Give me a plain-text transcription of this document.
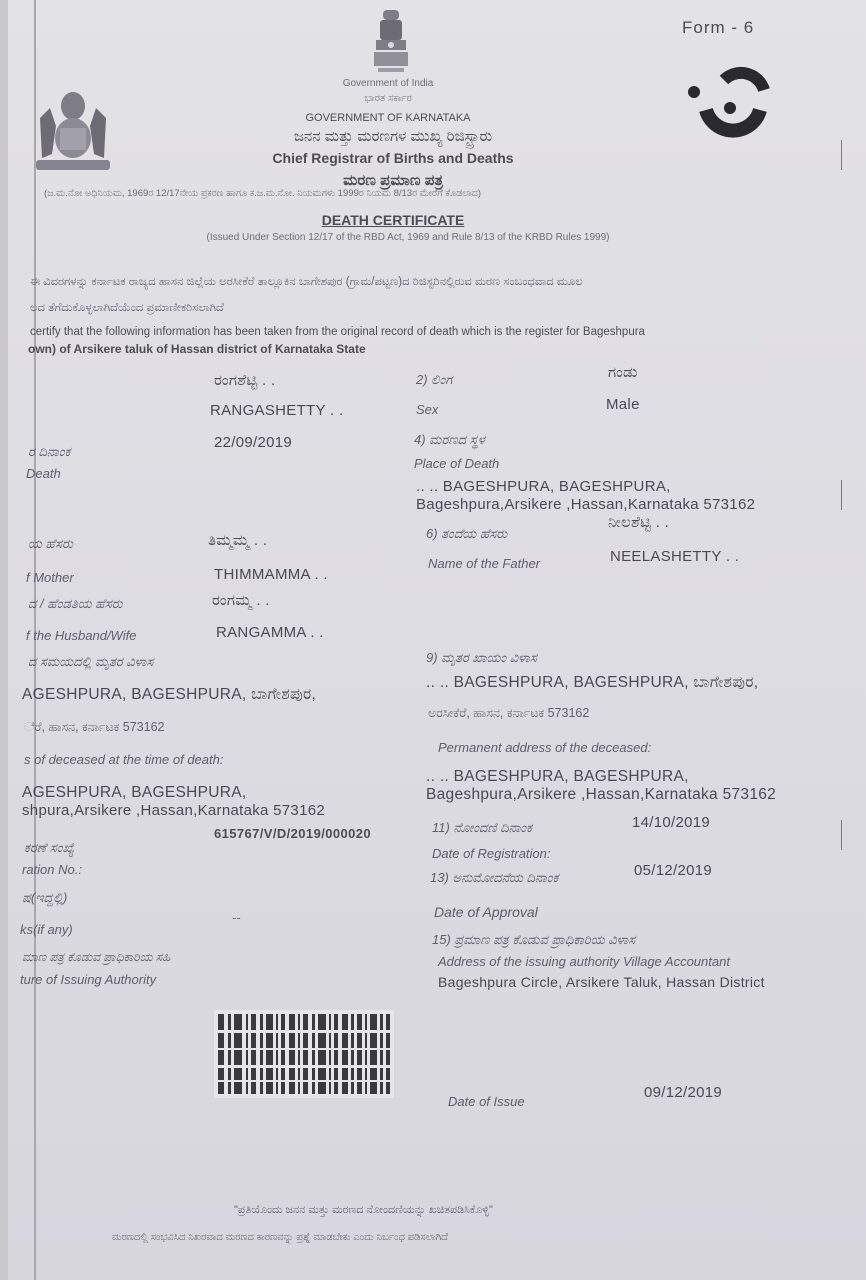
Form - 6
Government of India
ಭಾರತ ಸರ್ಕಾರ
GOVERNMENT OF KARNATAKA
ಜನನ ಮತ್ತು ಮರಣಗಳ ಮುಖ್ಯ ರಿಜಿಸ್ಟ್ರಾರು
Chief Registrar of Births and Deaths
ಮರಣ ಪ್ರಮಾಣ ಪತ್ರ
(ಜ.ಮ.ನೋ ಅಧಿನಿಯಮ, 1969ರ 12/17ನೇಯ ಪ್ರಕರಣ ಹಾಗೂ ಕ.ಜ.ಮ.ನೋ. ನಿಯಮಗಳು 1999ರ ನಿಯಮ 8/13ರ ಮೇರೆಗೆ ಕೊಡಲಾದ)
DEATH CERTIFICATE
(Issued Under Section 12/17 of the RBD Act, 1969 and Rule 8/13 of the KRBD Rules 1999)
ಈ ವಿವರಗಳನ್ನು ಕರ್ನಾಟಕ ರಾಜ್ಯದ ಹಾಸನ ಜಿಲ್ಲೆಯ ಅರಸೀಕೆರೆ ತಾಲ್ಲೂಕಿನ ಬಾಗೇಶಪುರ (ಗ್ರಾಮ/ಪಟ್ಟಣ)ದ ರಿಜಿಸ್ಟರಿನಲ್ಲಿರುವ ಮರಣ ಸಂಬಂಧವಾದ ಮೂಲ
ಲದ ತೆಗೆದುಕೊಳ್ಳಲಾಗಿದೆಯೆಂದ ಪ್ರಮಾಣೀಕರಿಸಲಾಗಿದೆ
certify that the following information has been taken from the original record of death which is the register for Bageshpura
own) of Arsikere taluk of Hassan district of Karnataka State
ರಂಗಶೆಟ್ಟಿ . .
RANGASHETTY . .
2) ಲಿಂಗ
Sex
ಗಂಡು
Male
ರ ದಿನಾಂಕ
Death
22/09/2019	4) ಮರಣದ ಸ್ಥಳ
Place of Death
.. .. BAGESHPURA, BAGESHPURA,
Bageshpura,Arsikere ,Hassan,Karnataka 573162
ಯ ಹೆಸರು
f Mother
ತಿಮ್ಮಮ್ಮ . .
THIMMAMMA . .
6) ತಂದೆಯ ಹೆಸರು
Name of the Father
ನೀಲಶೆಟ್ಟಿ . .
NEELASHETTY . .
ದ / ಹೆಂಡತಿಯ ಹೆಸರು
f the Husband/Wife
ರಂಗಮ್ಮ . .
RANGAMMA . .
ದ ಸಮಯದಲ್ಲಿ ಮೃತರ ವಿಳಾಸ
AGESHPURA, BAGESHPURA, ಬಾಗೇಶಪುರ,
ೆರೆ, ಹಾಸನ, ಕರ್ನಾಟಕ 573162
s of deceased at the time of death:
AGESHPURA, BAGESHPURA,
shpura,Arsikere ,Hassan,Karnataka 573162
9) ಮೃತರ ಖಾಯಂ ವಿಳಾಸ
.. .. BAGESHPURA, BAGESHPURA, ಬಾಗೇಶಪುರ,
ಅರಸೀಕೆರೆ, ಹಾಸನ, ಕರ್ನಾಟಕ 573162
Permanent address of the deceased:
.. .. BAGESHPURA, BAGESHPURA,
Bageshpura,Arsikere ,Hassan,Karnataka 573162
ಕರಣೆ ಸಂಖ್ಯೆ
ration No.:
615767/V/D/2019/000020	11) ನೋಂದಣಿ ದಿನಾಂಕ
Date of Registration:
14/10/2019
ಷ(ಇದ್ದಲ್ಲಿ)
ks(if any)
--
13) ಅನುಮೋದನೆಯ ದಿನಾಂಕ
Date of Approval
05/12/2019
ಮಾಣ ಪತ್ರ ಕೊಡುವ ಪ್ರಾಧಿಕಾರಿಯ ಸಹಿ
ture of Issuing Authority
15) ಪ್ರಮಾಣ ಪತ್ರ ಕೊಡುವ ಪ್ರಾಧಿಕಾರಿಯ ವಿಳಾಸ
Address of the issuing authority Village Accountant
Bageshpura Circle, Arsikere Taluk, Hassan District
Date of Issue
09/12/2019
"ಪ್ರತಿಯೊಂದು ಜನನ ಮತ್ತು ಮರಣದ ನೋಂದಣಿಯನ್ನು ಖಚಿತಪಡಿಸಿಕೊಳ್ಳಿ"
ಮರಣದಲ್ಲಿ ಸಂಭವಿಸಿದ ನಿಖರವಾದ ಮರಣದ ಕಾರಣವನ್ನು ಪ್ರಶ್ನೆ ಮಾಡಬೇಕು ಎಂದು ನಿರ್ಬಂಧ ಪಡಿಸಲಾಗಿದೆ
